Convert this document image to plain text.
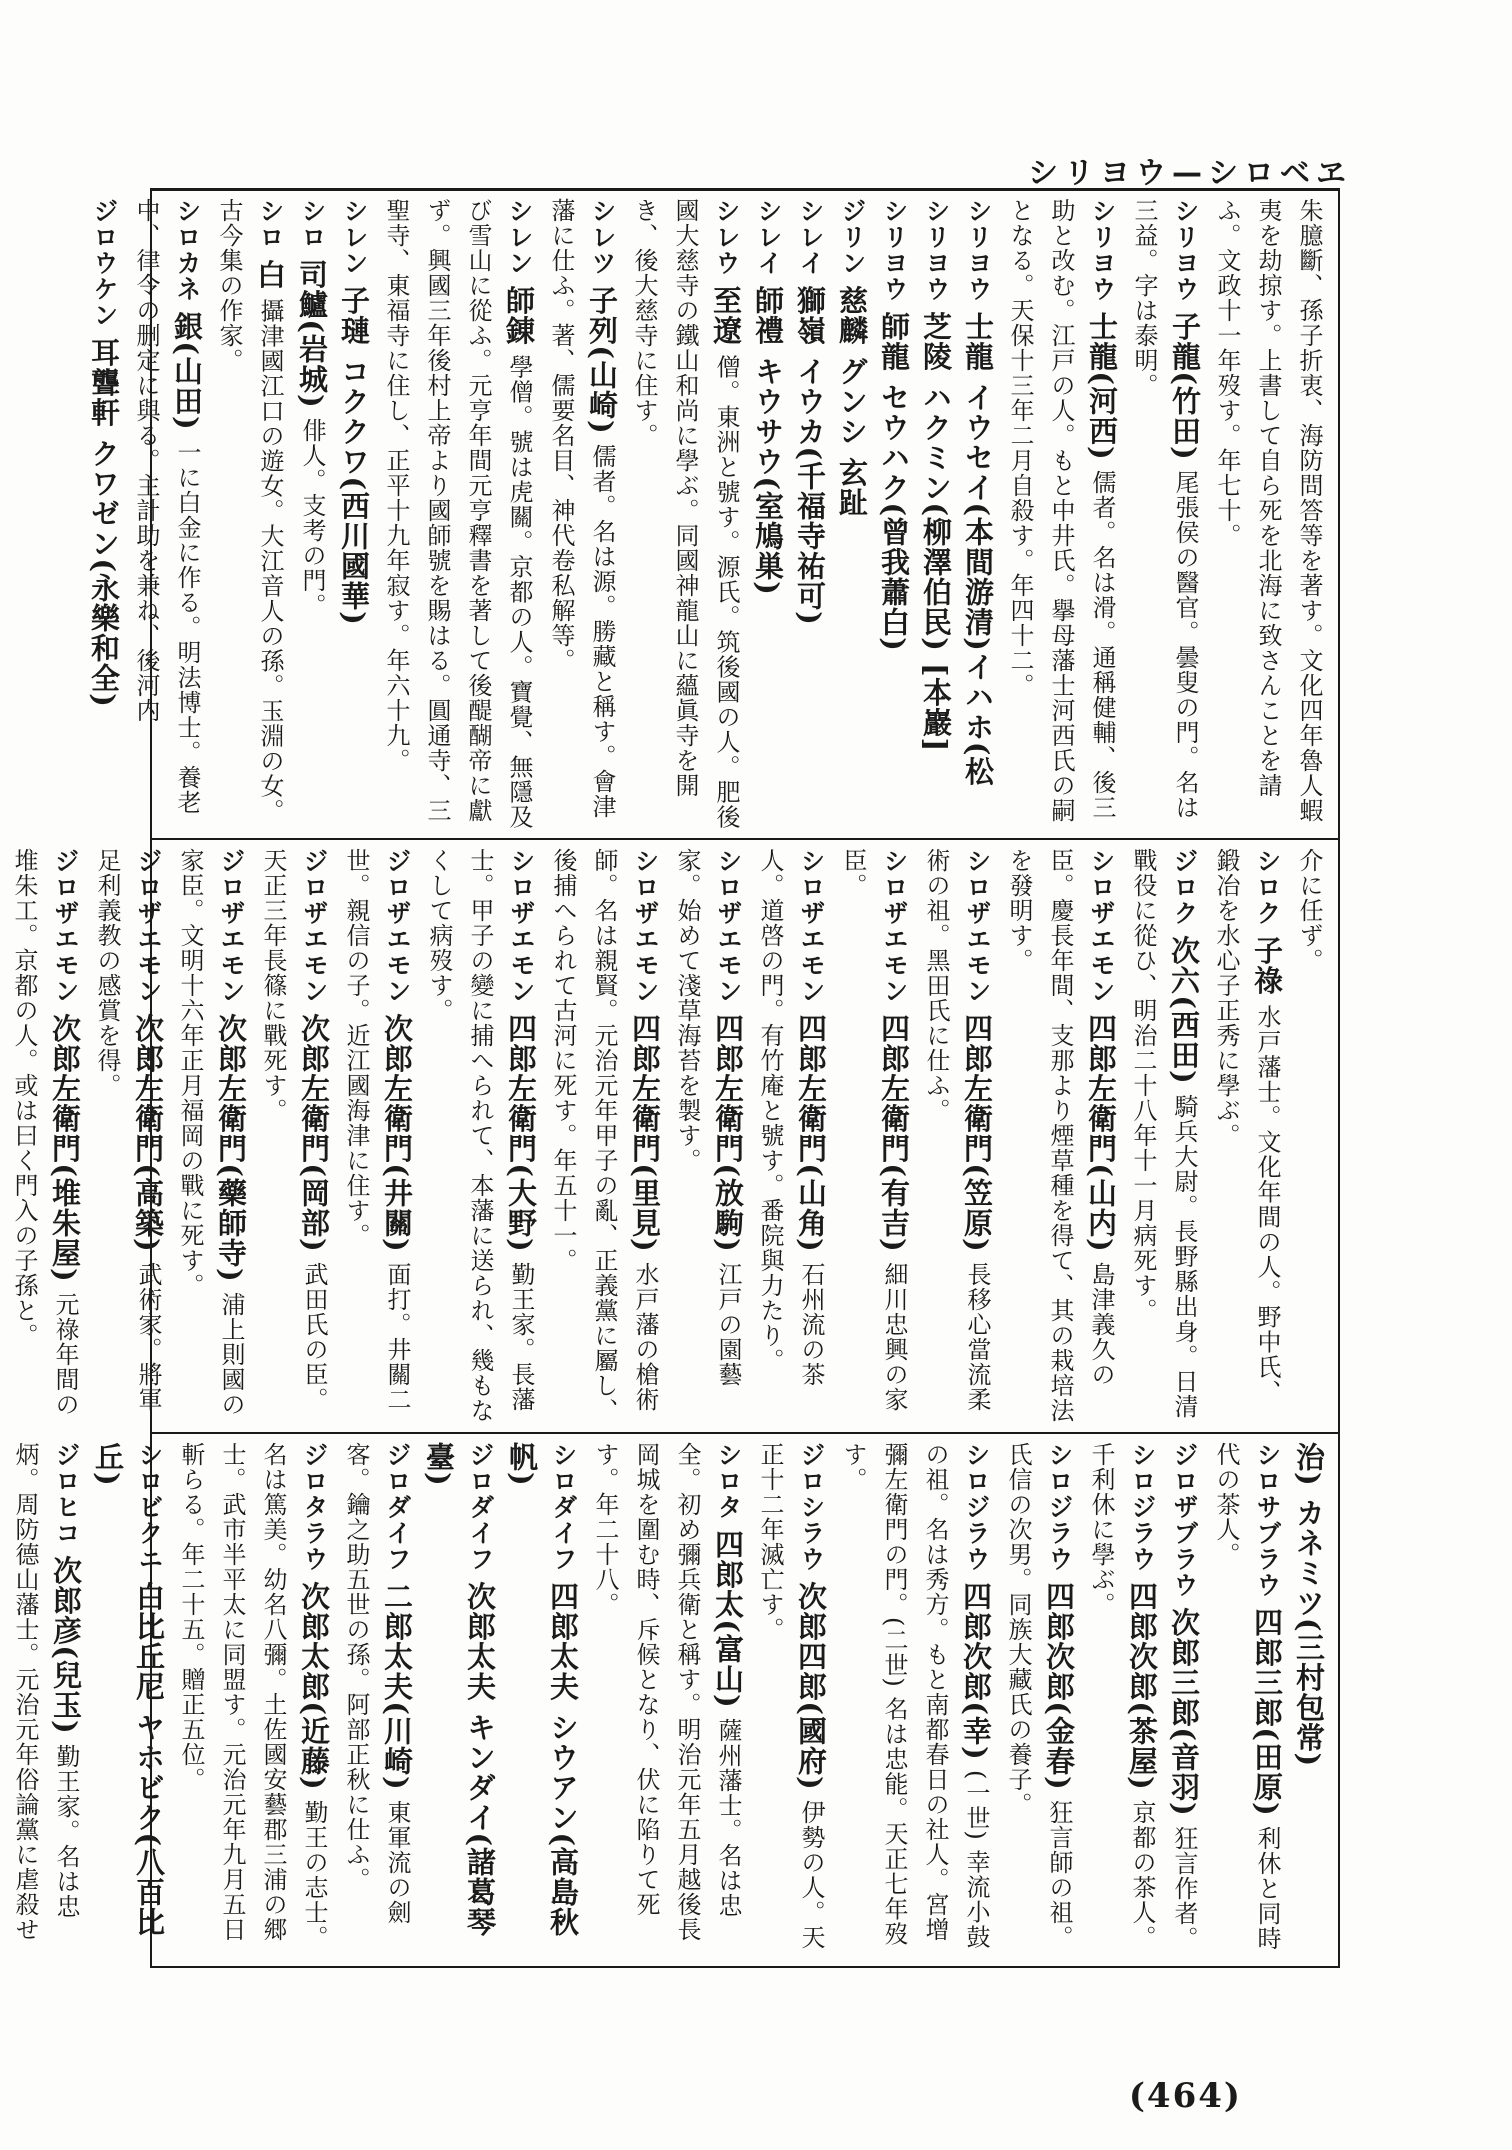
シリヨウ—シロベヱ

朱臆斷、孫子折衷、海防問答等を著す。文化四年魯人蝦夷を劫掠す。上書して自ら死を北海に致さんことを請ふ。文政十一年歿す。年七十。

シリヨウ 子龍(竹田) 尾張侯の醫官。曇叟の門。名は三益。字は泰明。

シリヨウ 士龍(河西) 儒者。名は滑。通稱健輔、後三助と改む。江戸の人。もと中井氏。擧母藩士河西氏の嗣となる。天保十三年二月自殺す。年四十二。

シリヨウ 士龍 イウセイ(本間游清)イハホ(松

シリヨウ 芝陵 ハクミン(柳澤伯民) [本巖]

シリヨウ 師龍 セウハク(曾我蕭白)

ジリン 慈麟 グンシ 玄趾

シレイ 獅嶺 イウカ(千福寺祐可)

シレイ 師禮 キウサウ(室鳩巣)

シレウ 至遼 僧。東洲と號す。源氏。筑後國の人。肥後國大慈寺の鐵山和尚に學ぶ。同國神龍山に蘊眞寺を開き、後大慈寺に住す。

シレツ 子列(山崎) 儒者。名は源。勝藏と稱す。會津藩に仕ふ。著、儒要名目、神代卷私解等。

シレン 師錬 學僧。號は虎關。京都の人。寶覺、無隱及び雪山に從ふ。元亨年間元亨釋書を著して後醍醐帝に獻ず。興國三年後村上帝より國師號を賜はる。圓通寺、三聖寺、東福寺に住し、正平十九年寂す。年六十九。

シレン 子璉 コククワ(西川國華)

シロ 司鱸(岩城) 俳人。支考の門。

シロ 白 攝津國江口の遊女。大江音人の孫。玉淵の女。古今集の作家。

シロカネ 銀(山田) 一に白金に作る。明法博士。養老中、律令の删定に與る。主計助を兼ね、後河内

ジロウケン 耳聾軒 クワゼン(永樂和全)

介に任ず。

シロク 子祿 水戸藩士。文化年間の人。野中氏、鍛冶を水心子正秀に學ぶ。

ジロク 次六(西田) 騎兵大尉。長野縣出身。日清戰役に從ひ、明治二十八年十一月病死す。

シロザエモン 四郎左衛門(山内) 島津義久の臣。慶長年間、支那より煙草種を得て、其の栽培法を發明す。

シロザエモン 四郎左衛門(笠原) 長移心當流柔術の祖。黑田氏に仕ふ。

シロザエモン 四郎左衛門(有吉) 細川忠興の家臣。

シロザエモン 四郎左衛門(山角) 石州流の茶人。道啓の門。有竹庵と號す。番院與力たり。

シロザエモン 四郎左衛門(放駒) 江戸の園藝家。始めて淺草海苔を製す。

シロザエモン 四郎左衛門(里見) 水戸藩の槍術師。名は親賢。元治元年甲子の亂、正義黨に屬し、後捕へられて古河に死す。年五十一。

シロザエモン 四郎左衛門(大野) 勤王家。長藩士。甲子の變に捕へられて、本藩に送られ、幾もなくして病歿す。

ジロザエモン 次郎左衛門(井關) 面打。井關二世。親信の子。近江國海津に住す。

ジロザエモン 次郎左衛門(岡部) 武田氏の臣。天正三年長篠に戰死す。

ジロザエモン 次郎左衛門(藥師寺) 浦上則國の家臣。文明十六年正月福岡の戰に死す。

ジロザエモン 次郎左衛門(高築) 武術家。將軍足利義教の感賞を得。

ジロザエモン 次郎左衛門(堆朱屋) 元祿年間の堆朱工。京都の人。或は曰く門入の子孫と。

治) カネミツ(三村包常)

シロサブラウ 四郎三郎(田原) 利休と同時代の茶人。

ジロザブラウ 次郎三郎(音羽) 狂言作者。

シロジラウ 四郎次郎(茶屋) 京都の茶人。千利休に學ぶ。

シロジラウ 四郎次郎(金春) 狂言師の祖。氏信の次男。同族大藏氏の養子。

シロジラウ 四郎次郎(幸) (一世) 幸流小鼓の祖。名は秀方。もと南都春日の社人。宮增彌左衛門の門。(二世) 名は忠能。天正七年歿す。

ジロシラウ 次郎四郎(國府) 伊勢の人。天正十二年滅亡す。

シロタ 四郎太(富山) 薩州藩士。名は忠全。初め彌兵衛と稱す。明治元年五月越後長岡城を圍む時、斥候となり、伏に陷りて死す。年二十八。

シロダイフ 四郎太夫 シウアン(高島秋帆)

ジロダイフ 次郎太夫 キンダイ(諸葛琴臺)

ジロダイフ 二郎太夫(川崎) 東軍流の劍客。鑰之助五世の孫。阿部正秋に仕ふ。

ジロタラウ 次郎太郎(近藤) 勤王の志士。名は篤美。幼名八彌。土佐國安藝郡三浦の郷士。武市半平太に同盟す。元治元年九月五日斬らる。年二十五。贈正五位。

シロビクニ 白比丘尼 ヤホビク(八百比丘)

ジロヒコ 次郎彦(兒玉) 勤王家。名は忠炳。周防德山藩士。元治元年俗論黨に虐殺せ

(464)
